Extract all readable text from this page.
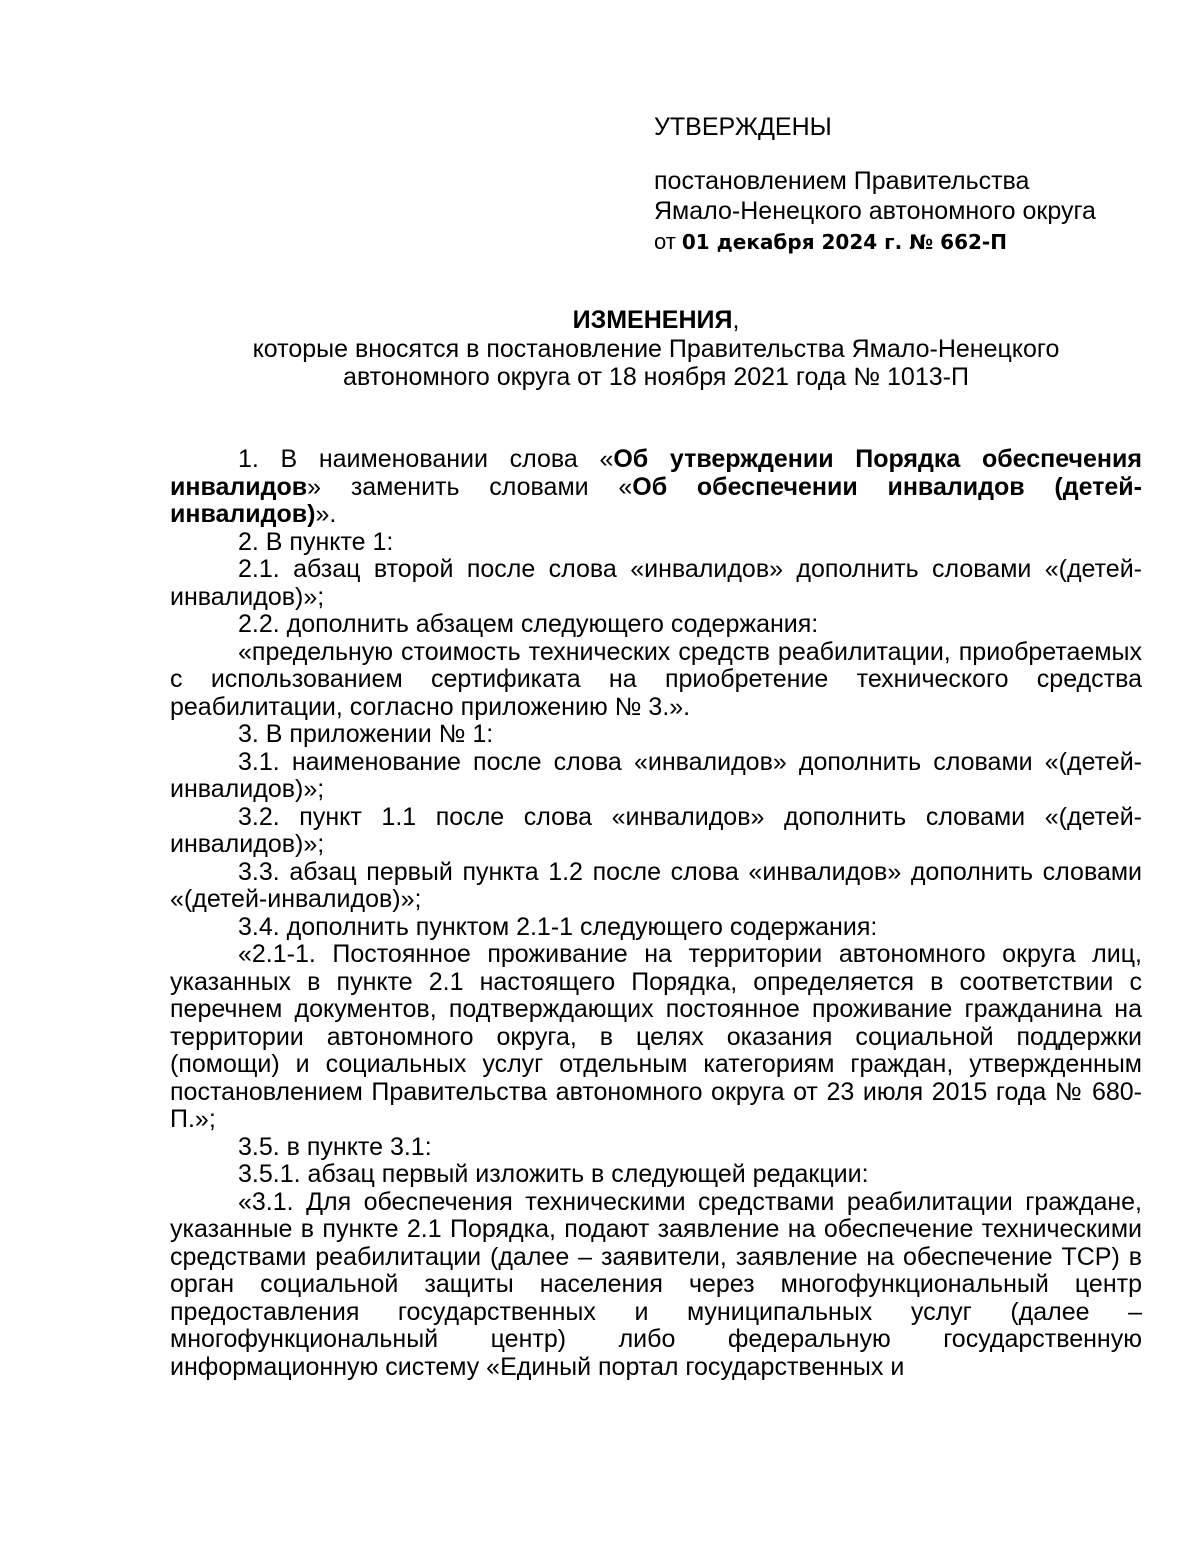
УТВЕРЖДЕНЫ
постановлением Правительства
Ямало-Ненецкого автономного округа
от 01 декабря 2024 г. № 662-П
ИЗМЕНЕНИЯ,
которые вносятся в постановление Правительства Ямало-Ненецкого
автономного округа от 18 ноября 2021 года № 1013-П

1. В наименовании слова «Об утверждении Порядка обеспечения инвалидов» заменить словами «Об обеспечении инвалидов (детей-инвалидов)».

2. В пункте 1:

2.1. абзац второй после слова «инвалидов» дополнить словами «(детей-инвалидов)»;

2.2. дополнить абзацем следующего содержания:

«предельную стоимость технических средств реабилитации, приобретаемых с использованием сертификата на приобретение технического средства реабилитации, согласно приложению № 3.».

3. В приложении № 1:

3.1. наименование после слова «инвалидов» дополнить словами «(детей-инвалидов)»;

3.2. пункт 1.1 после слова «инвалидов» дополнить словами «(детей-инвалидов)»;

3.3. абзац первый пункта 1.2 после слова «инвалидов» дополнить словами «(детей-инвалидов)»;

3.4. дополнить пунктом 2.1-1 следующего содержания:

«2.1-1. Постоянное проживание на территории автономного округа лиц, указанных в пункте 2.1 настоящего Порядка, определяется в соответствии с перечнем документов, подтверждающих постоянное проживание гражданина на территории автономного округа, в целях оказания социальной поддержки (помощи) и социальных услуг отдельным категориям граждан, утвержденным постановлением Правительства автономного округа от 23 июля 2015 года № 680-П.»;

3.5. в пункте 3.1:

3.5.1. абзац первый изложить в следующей редакции:

«3.1. Для обеспечения техническими средствами реабилитации граждане, указанные в пункте 2.1 Порядка, подают заявление на обеспечение техническими средствами реабилитации (далее – заявители, заявление на обеспечение ТСР) в орган социальной защиты населения через многофункциональный центр предоставления государственных и муниципальных услуг (далее – многофункциональный центр) либо федеральную государственную информационную систему «Единый портал государственных и
